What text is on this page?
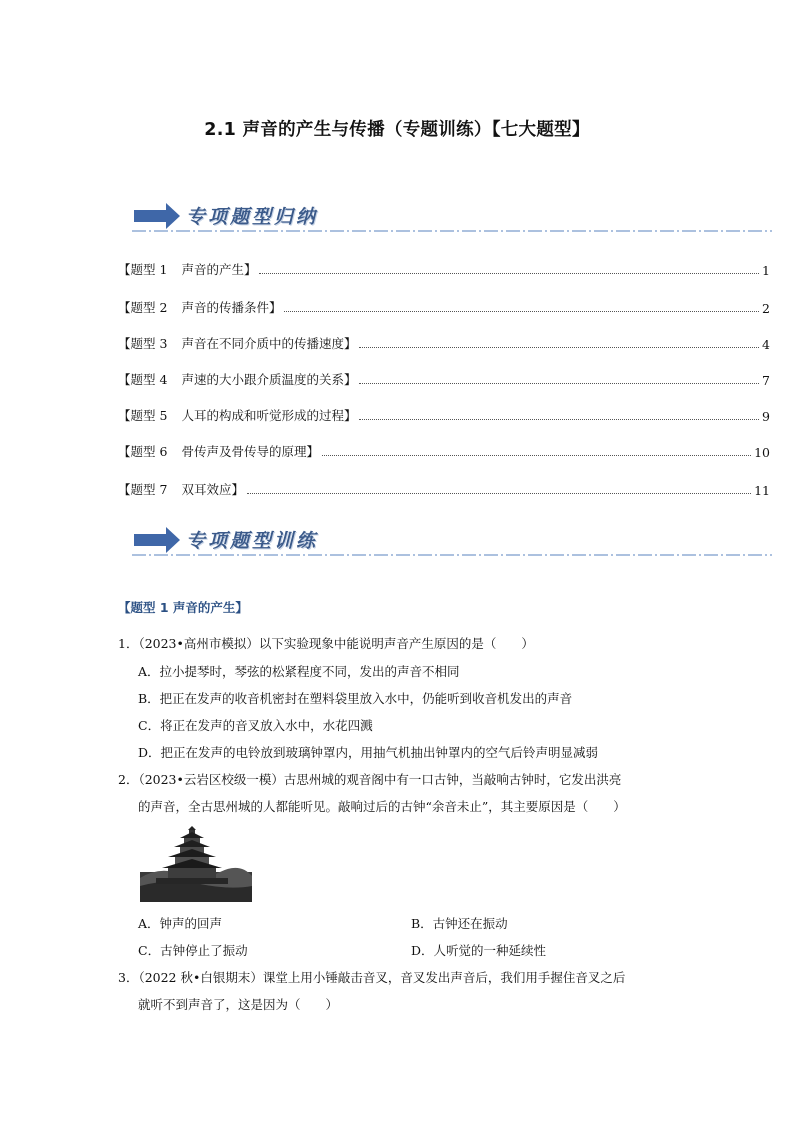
2.1 声音的产生与传播（专题训练）【七大题型】
专项题型归纳
【题型 1 声音的产生】	1
【题型 2 声音的传播条件】	2
【题型 3 声音在不同介质中的传播速度】	4
【题型 4 声速的大小跟介质温度的关系】	7
【题型 5 人耳的构成和听觉形成的过程】	9
【题型 6 骨传声及骨传导的原理】	10
【题型 7 双耳效应】	11
专项题型训练
【题型 1 声音的产生】
1．（2023•高州市模拟）以下实验现象中能说明声音产生原因的是（　　）
A．拉小提琴时，琴弦的松紧程度不同，发出的声音不相同
B．把正在发声的收音机密封在塑料袋里放入水中，仍能听到收音机发出的声音
C．将正在发声的音叉放入水中，水花四溅
D．把正在发声的电铃放到玻璃钟罩内，用抽气机抽出钟罩内的空气后铃声明显减弱
2．（2023•云岩区校级一模）古思州城的观音阁中有一口古钟，当敲响古钟时，它发出洪亮
的声音，全古思州城的人都能听见。敲响过后的古钟“余音未止”，其主要原因是（　　）
A．钟声的回声	B．古钟还在振动
C．古钟停止了振动	D．人听觉的一种延续性
3．（2022 秋•白银期末）课堂上用小锤敲击音叉，音叉发出声音后，我们用手握住音叉之后
就听不到声音了，这是因为（　　）
